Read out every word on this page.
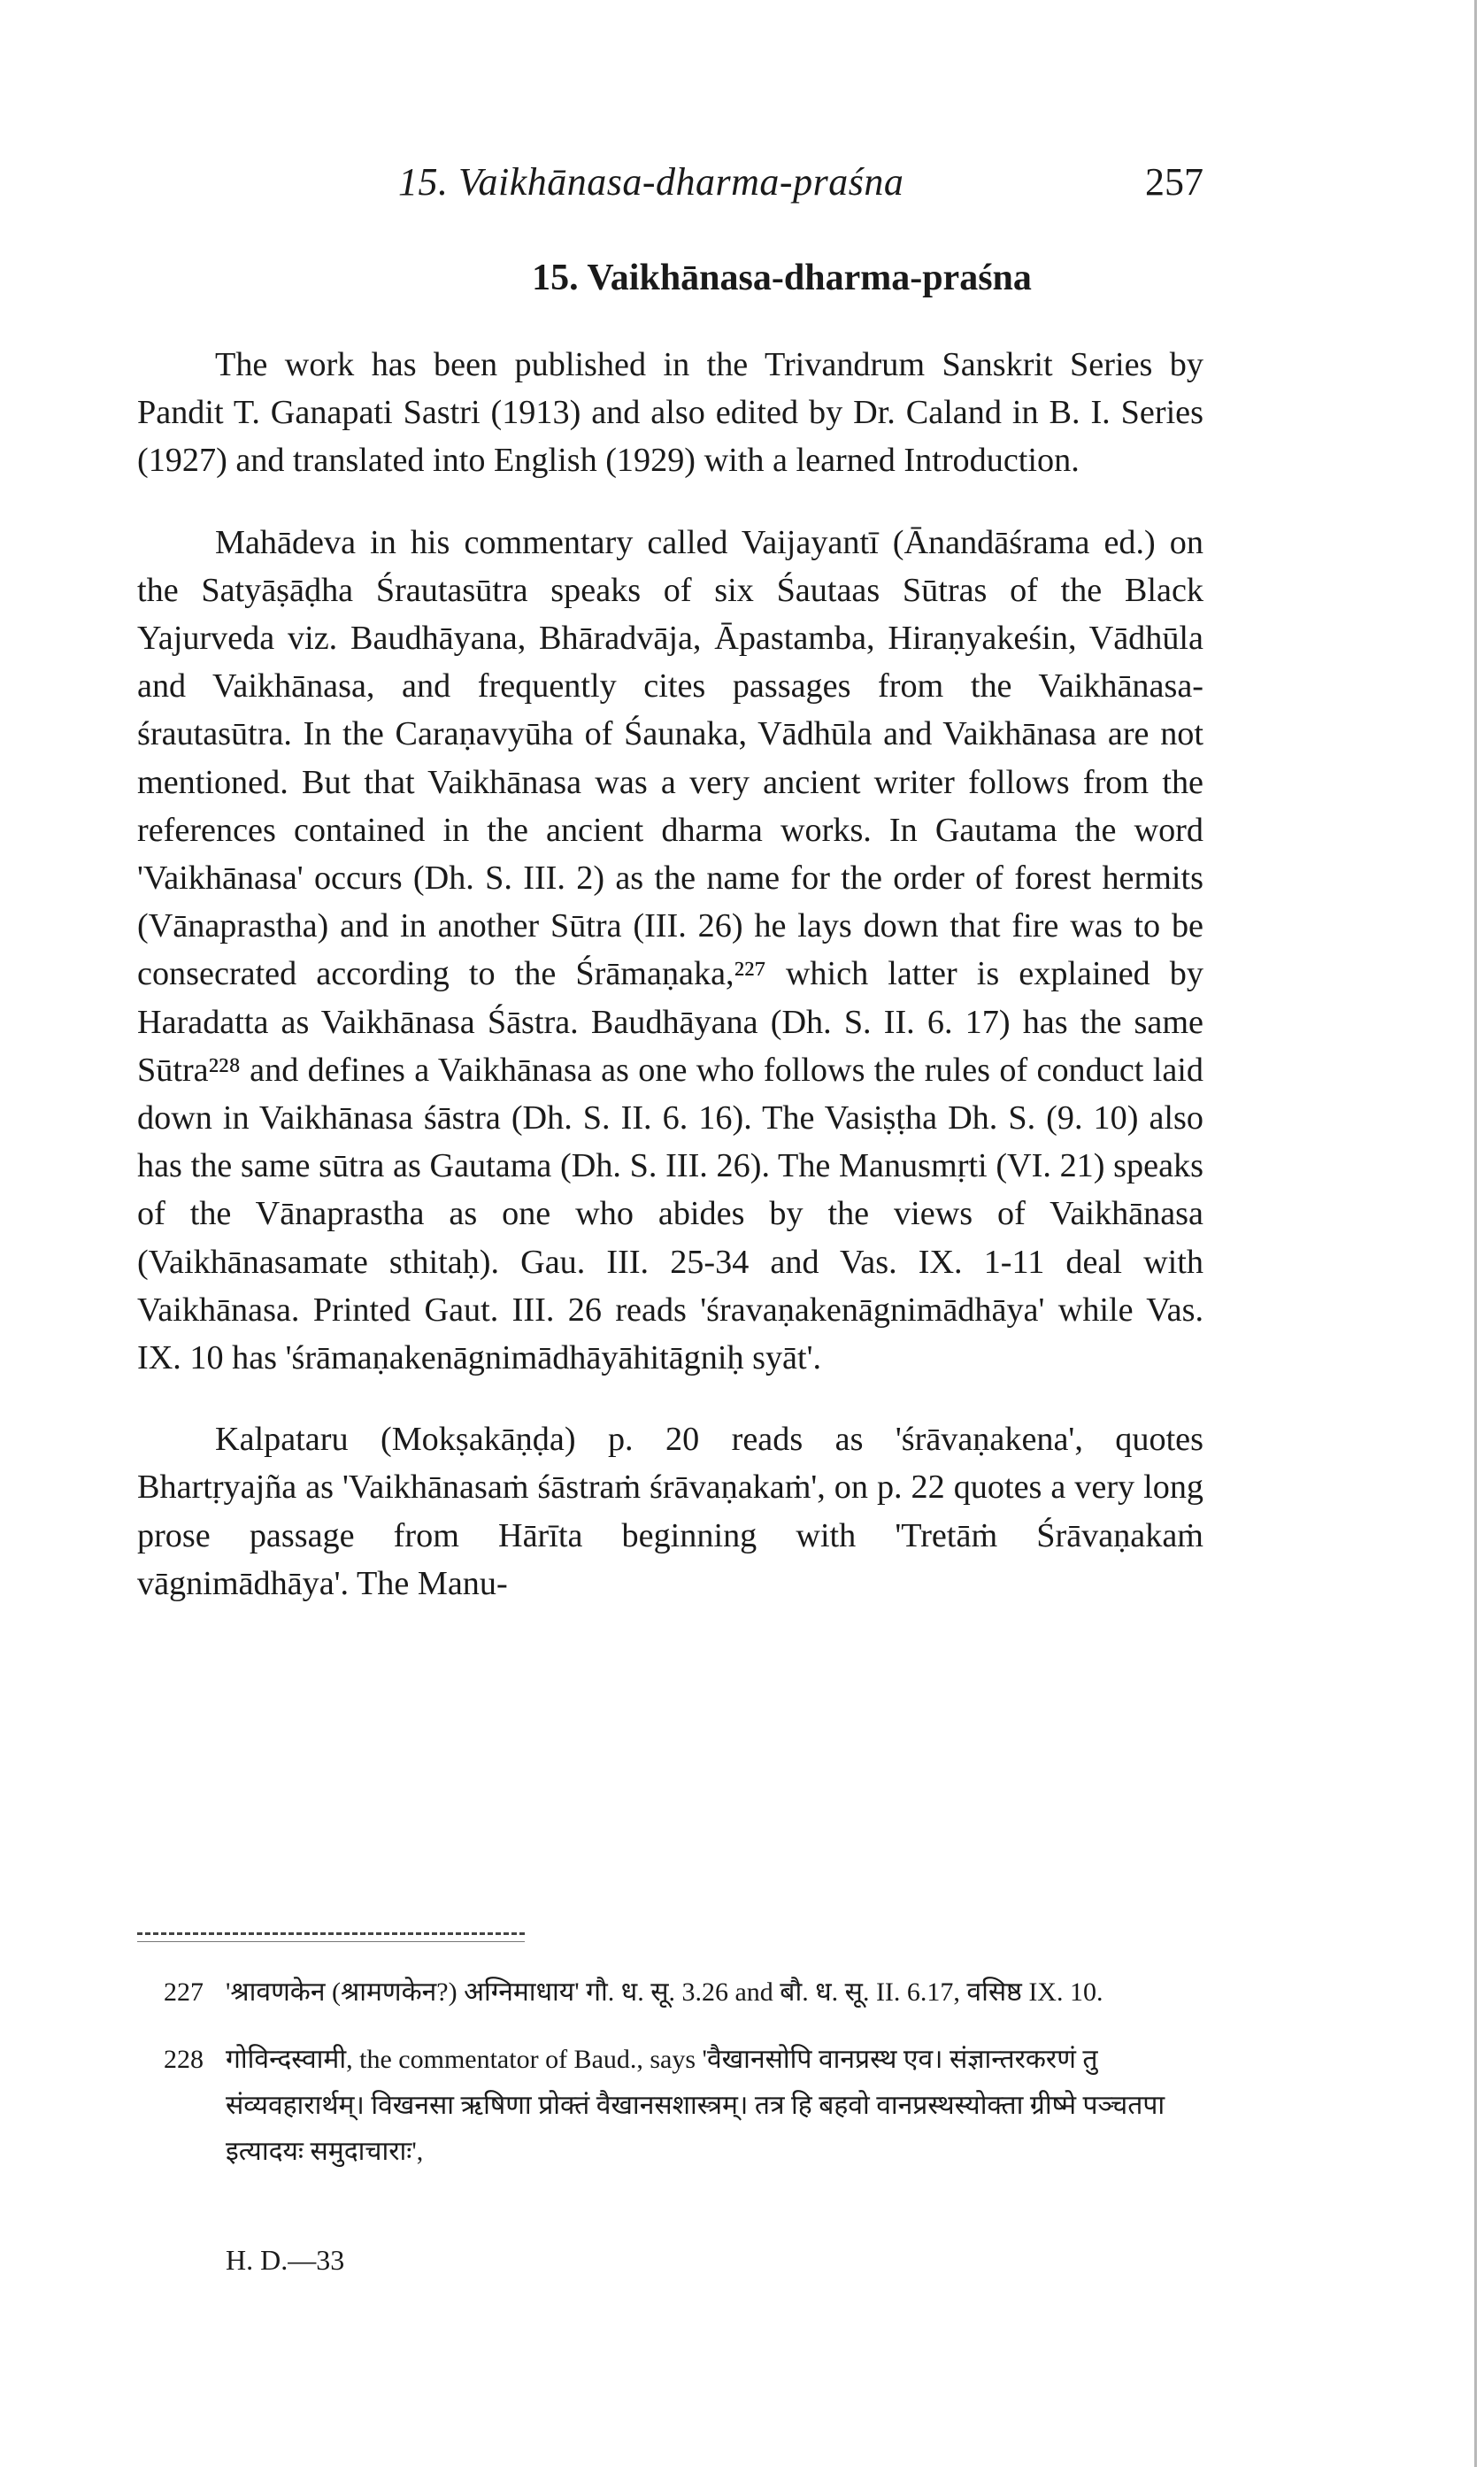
15. Vaikhānasa-dharma-praśna	257
15. Vaikhānasa-dharma-praśna

The work has been published in the Trivandrum Sanskrit Series by Pandit T. Ganapati Sastri (1913) and also edited by Dr. Caland in B. I. Series (1927) and translated into English (1929) with a learned Introduction.

Mahādeva in his commentary called Vaijayantī (Ānandāśrama ed.) on the Satyāṣāḍha Śrautasūtra speaks of six Śautaas Sūtras of the Black Yajurveda viz. Baudhāyana, Bhāradvāja, Āpastamba, Hiraṇyakeśin, Vādhūla and Vaikhānasa, and frequently cites passages from the Vaikhānasa-śrautasūtra. In the Caraṇavyūha of Śaunaka, Vādhūla and Vaikhānasa are not mentioned. But that Vaikhānasa was a very ancient writer follows from the references contained in the ancient dharma works. In Gautama the word 'Vaikhānasa' occurs (Dh. S. III. 2) as the name for the order of forest hermits (Vānaprastha) and in another Sūtra (III. 26) he lays down that fire was to be consecrated according to the Śrāmaṇaka,²²⁷ which latter is explained by Haradatta as Vaikhānasa Śāstra. Baudhāyana (Dh. S. II. 6. 17) has the same Sūtra²²⁸ and defines a Vaikhānasa as one who follows the rules of conduct laid down in Vaikhānasa śāstra (Dh. S. II. 6. 16). The Vasiṣṭha Dh. S. (9. 10) also has the same sūtra as Gautama (Dh. S. III. 26). The Manusmṛti (VI. 21) speaks of the Vānaprastha as one who abides by the views of Vaikhānasa (Vaikhānasamate sthitaḥ). Gau. III. 25-34 and Vas. IX. 1-11 deal with Vaikhānasa. Printed Gaut. III. 26 reads 'śravaṇakenāgnimādhāya' while Vas. IX. 10 has 'śrāmaṇakenāgnimādhāyāhitāgniḥ syāt'.

Kalpataru (Mokṣakāṇḍa) p. 20 reads as 'śrāvaṇakena', quotes Bhartṛyajña as 'Vaikhānasaṁ śāstraṁ śrāvaṇakaṁ', on p. 22 quotes a very long prose passage from Hārīta beginning with 'Tretāṁ Śrāvaṇakaṁ vāgnimādhāya'. The Manu-

227 'श्रावणकेन (श्रामणकेन?) अग्निमाधाय' गौ. ध. सू. 3.26 and बौ. ध. सू. II. 6.17, वसिष्ठ IX. 10.
228 गोविन्दस्वामी, the commentator of Baud., says 'वैखानसोपि वानप्रस्थ एव। संज्ञान्तरकरणं तु संव्यवहारार्थम्। विखनसा ऋषिणा प्रोक्तं वैखानसशास्त्रम्। तत्र हि बहवो वानप्रस्थस्योक्ता ग्रीष्मे पञ्चतपा इत्यादयः समुदाचाराः',
H. D.—33
